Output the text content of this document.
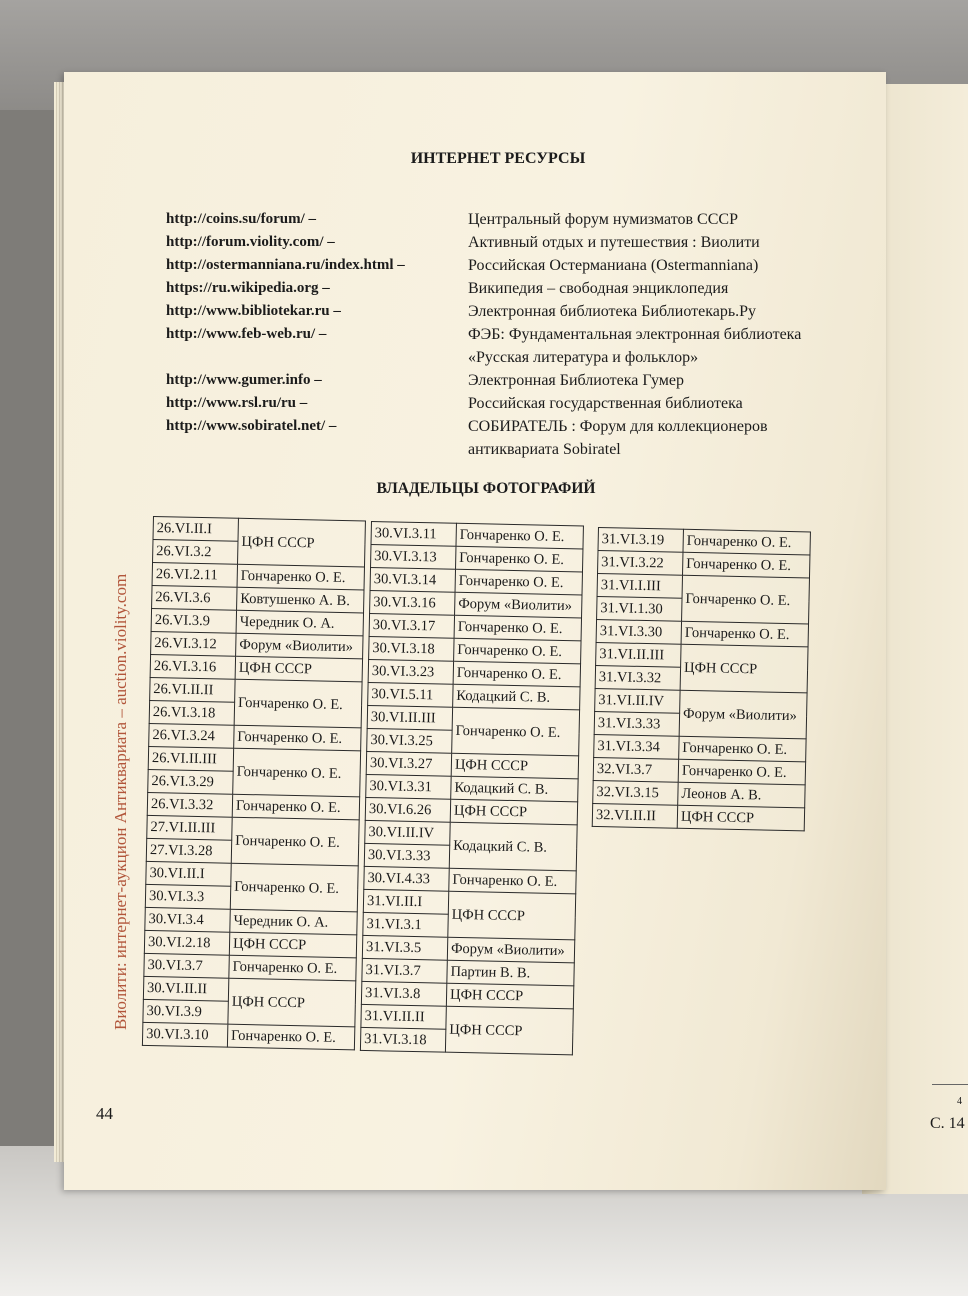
4
С. 14
ИНТЕРНЕТ РЕСУРСЫ
http://coins.su/forum/ –	Центральный форум нумизматов СССР
http://forum.violity.com/ –	Активный отдых и путешествия : Виолити
http://ostermanniana.ru/index.html –	Российская Остерманиана (Ostermanniana)
https://ru.wikipedia.org –	Википедия – свободная энциклопедия
http://www.bibliotekar.ru –	Электронная библиотека Библиотекарь.Ру
http://www.feb-web.ru/ –	ФЭБ: Фундаментальная электронная библиотека «Русская литература и фольклор»
http://www.gumer.info –	Электронная Библиотека Гумер
http://www.rsl.ru/ru –	Российская государственная библиотека
http://www.sobiratel.net/ –	СОБИРАТЕЛЬ : Форум для коллекционеров антиквариата Sobiratel
ВЛАДЕЛЬЦЫ ФОТОГРАФИЙ
26.VI.II.I	ЦФН СССР
26.VI.3.2	
26.VI.2.11	Гончаренко О. Е.
26.VI.3.6	Ковтушенко А. В.
26.VI.3.9	Чередник О. А.
26.VI.3.12	Форум «Виолити»
26.VI.3.16	ЦФН СССР
26.VI.II.II	Гончаренко О. Е.
26.VI.3.18	
26.VI.3.24	Гончаренко О. Е.
26.VI.II.III	Гончаренко О. Е.
26.VI.3.29	
26.VI.3.32	Гончаренко О. Е.
27.VI.II.III	Гончаренко О. Е.
27.VI.3.28	
30.VI.II.I	Гончаренко О. Е.
30.VI.3.3	
30.VI.3.4	Чередник О. А.
30.VI.2.18	ЦФН СССР
30.VI.3.7	Гончаренко О. Е.
30.VI.II.II	ЦФН СССР
30.VI.3.9	
30.VI.3.10	Гончаренко О. Е.
30.VI.3.11	Гончаренко О. Е.
30.VI.3.13	Гончаренко О. Е.
30.VI.3.14	Гончаренко О. Е.
30.VI.3.16	Форум «Виолити»
30.VI.3.17	Гончаренко О. Е.
30.VI.3.18	Гончаренко О. Е.
30.VI.3.23	Гончаренко О. Е.
30.VI.5.11	Кодацкий С. В.
30.VI.II.III	Гончаренко О. Е.
30.VI.3.25	
30.VI.3.27	ЦФН СССР
30.VI.3.31	Кодацкий С. В.
30.VI.6.26	ЦФН СССР
30.VI.II.IV	Кодацкий С. В.
30.VI.3.33	
30.VI.4.33	Гончаренко О. Е.
31.VI.II.I	ЦФН СССР
31.VI.3.1	
31.VI.3.5	Форум «Виолити»
31.VI.3.7	Партин В. В.
31.VI.3.8	ЦФН СССР
31.VI.II.II	ЦФН СССР
31.VI.3.18	
31.VI.3.19	Гончаренко О. Е.
31.VI.3.22	Гончаренко О. Е.
31.VI.I.III	Гончаренко О. Е.
31.VI.1.30	
31.VI.3.30	Гончаренко О. Е.
31.VI.II.III	ЦФН СССР
31.VI.3.32	
31.VI.II.IV	Форум «Виолити»
31.VI.3.33	
31.VI.3.34	Гончаренко О. Е.
32.VI.3.7	Гончаренко О. Е.
32.VI.3.15	Леонов А. В.
32.VI.II.II	ЦФН СССР
Виолити: интернет-аукцион Антиквариата – auction.violity.com
44
